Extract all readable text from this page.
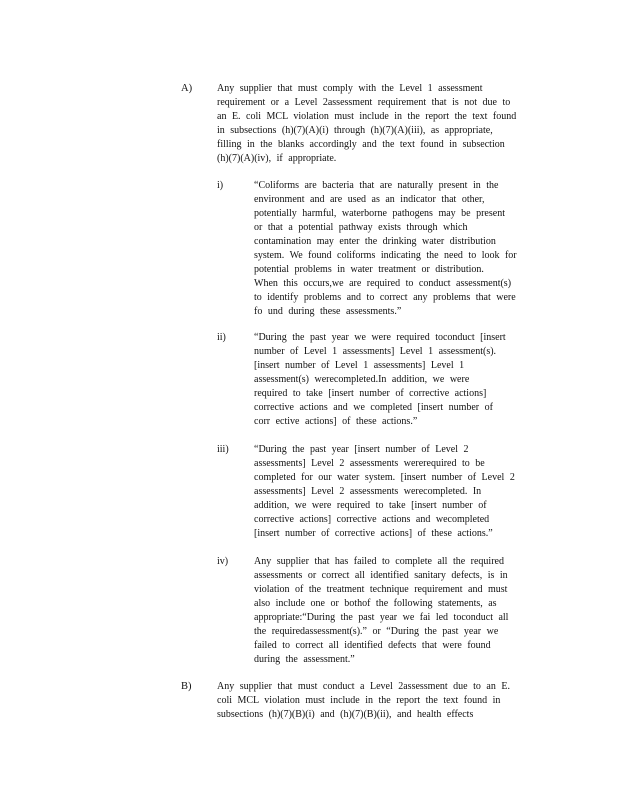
A) Any supplier that must comply with the Level 1 assessment
requirement or a Level 2assessment requirement that is not due to
an E. coli MCL violation must include in the report the text found
in subsections (h)(7)(A)(i) through (h)(7)(A)(iii), as appropriate,
filling in the blanks accordingly and the text found in subsection
(h)(7)(A)(iv), if appropriate.
i)	“Coliforms are bacteria that are naturally present in the
environment and are used as an indicator that other,
potentially harmful, waterborne pathogens may be present
or that a potential pathway exists through which
contamination may enter the drinking water distribution
system. We found coliforms indicating the need to look for
potential problems in water treatment or distribution.
When this occurs,we are required to conduct assessment(s)
to identify problems and to correct any problems that were
fo und during these assessments.”
ii)	“During the past year we were required toconduct [insert
number of Level 1 assessments] Level 1 assessment(s).
[insert number of Level 1 assessments] Level 1
assessment(s) werecompleted.In addition, we were
required to take [insert number of corrective actions]
corrective actions and we completed [insert number of
corr ective actions] of these actions.”
iii)	“During the past year [insert number of Level 2
assessments] Level 2 assessments wererequired to be
completed for our water system. [insert number of Level 2
assessments] Level 2 assessments werecompleted. In
addition, we were required to take [insert number of
corrective actions] corrective actions and wecompleted
[insert number of corrective actions] of these actions.”
iv)	Any supplier that has failed to complete all the required
assessments or correct all identified sanitary defects, is in
violation of the treatment technique requirement and must
also include one or bothof the following statements, as
appropriate:“During the past year we fai led toconduct all
the requiredassessment(s).” or “During the past year we
failed to correct all identified defects that were found
during the assessment.”
B)	Any supplier that must conduct a Level 2assessment due to an E.
coli MCL violation must include in the report the text found in
subsections (h)(7)(B)(i) and (h)(7)(B)(ii), and health effects
